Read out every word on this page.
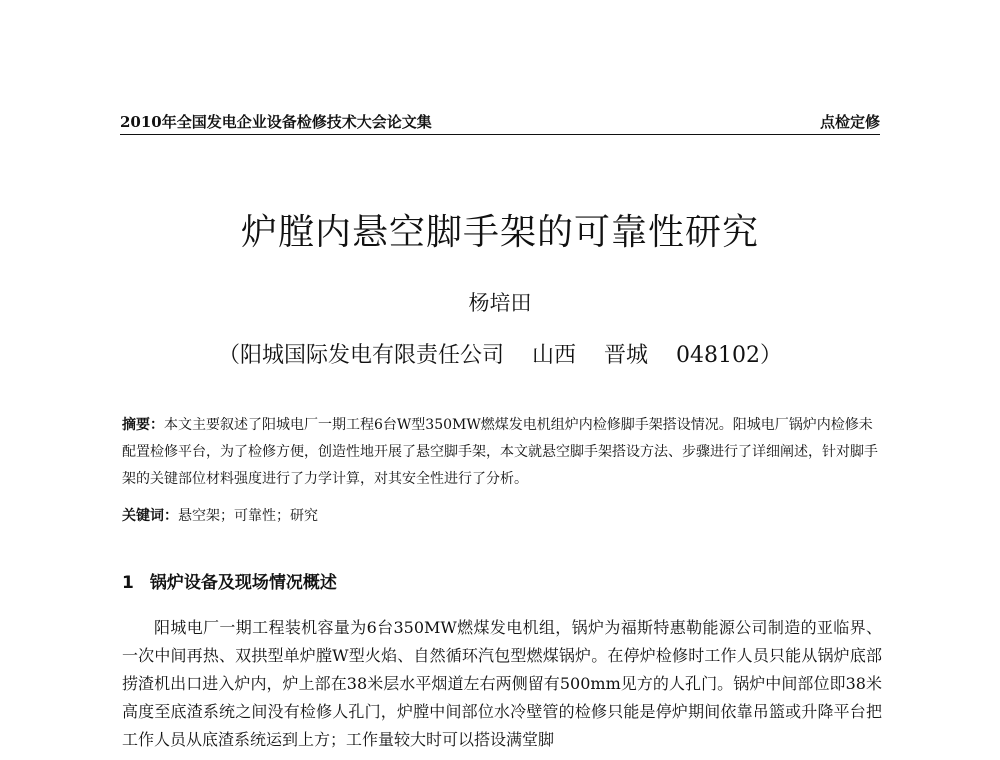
2010年全国发电企业设备检修技术大会论文集	点检定修
炉膛内悬空脚手架的可靠性研究
杨培田
（阳城国际发电有限责任公司    山西    晋城    048102）
摘要：本文主要叙述了阳城电厂一期工程6台W型350MW燃煤发电机组炉内检修脚手架搭设情况。阳城电厂锅炉内检修未配置检修平台，为了检修方便，创造性地开展了悬空脚手架，本文就悬空脚手架搭设方法、步骤进行了详细阐述，针对脚手架的关键部位材料强度进行了力学计算，对其安全性进行了分析。
关键词：悬空架；可靠性；研究
1 锅炉设备及现场情况概述
阳城电厂一期工程装机容量为6台350MW燃煤发电机组，锅炉为福斯特惠勒能源公司制造的亚临界、一次中间再热、双拱型单炉膛W型火焰、自然循环汽包型燃煤锅炉。在停炉检修时工作人员只能从锅炉底部捞渣机出口进入炉内，炉上部在38米层水平烟道左右两侧留有500mm见方的人孔门。锅炉中间部位即38米高度至底渣系统之间没有检修人孔门，炉膛中间部位水冷壁管的检修只能是停炉期间依靠吊篮或升降平台把工作人员从底渣系统运到上方；工作量较大时可以搭设满堂脚
